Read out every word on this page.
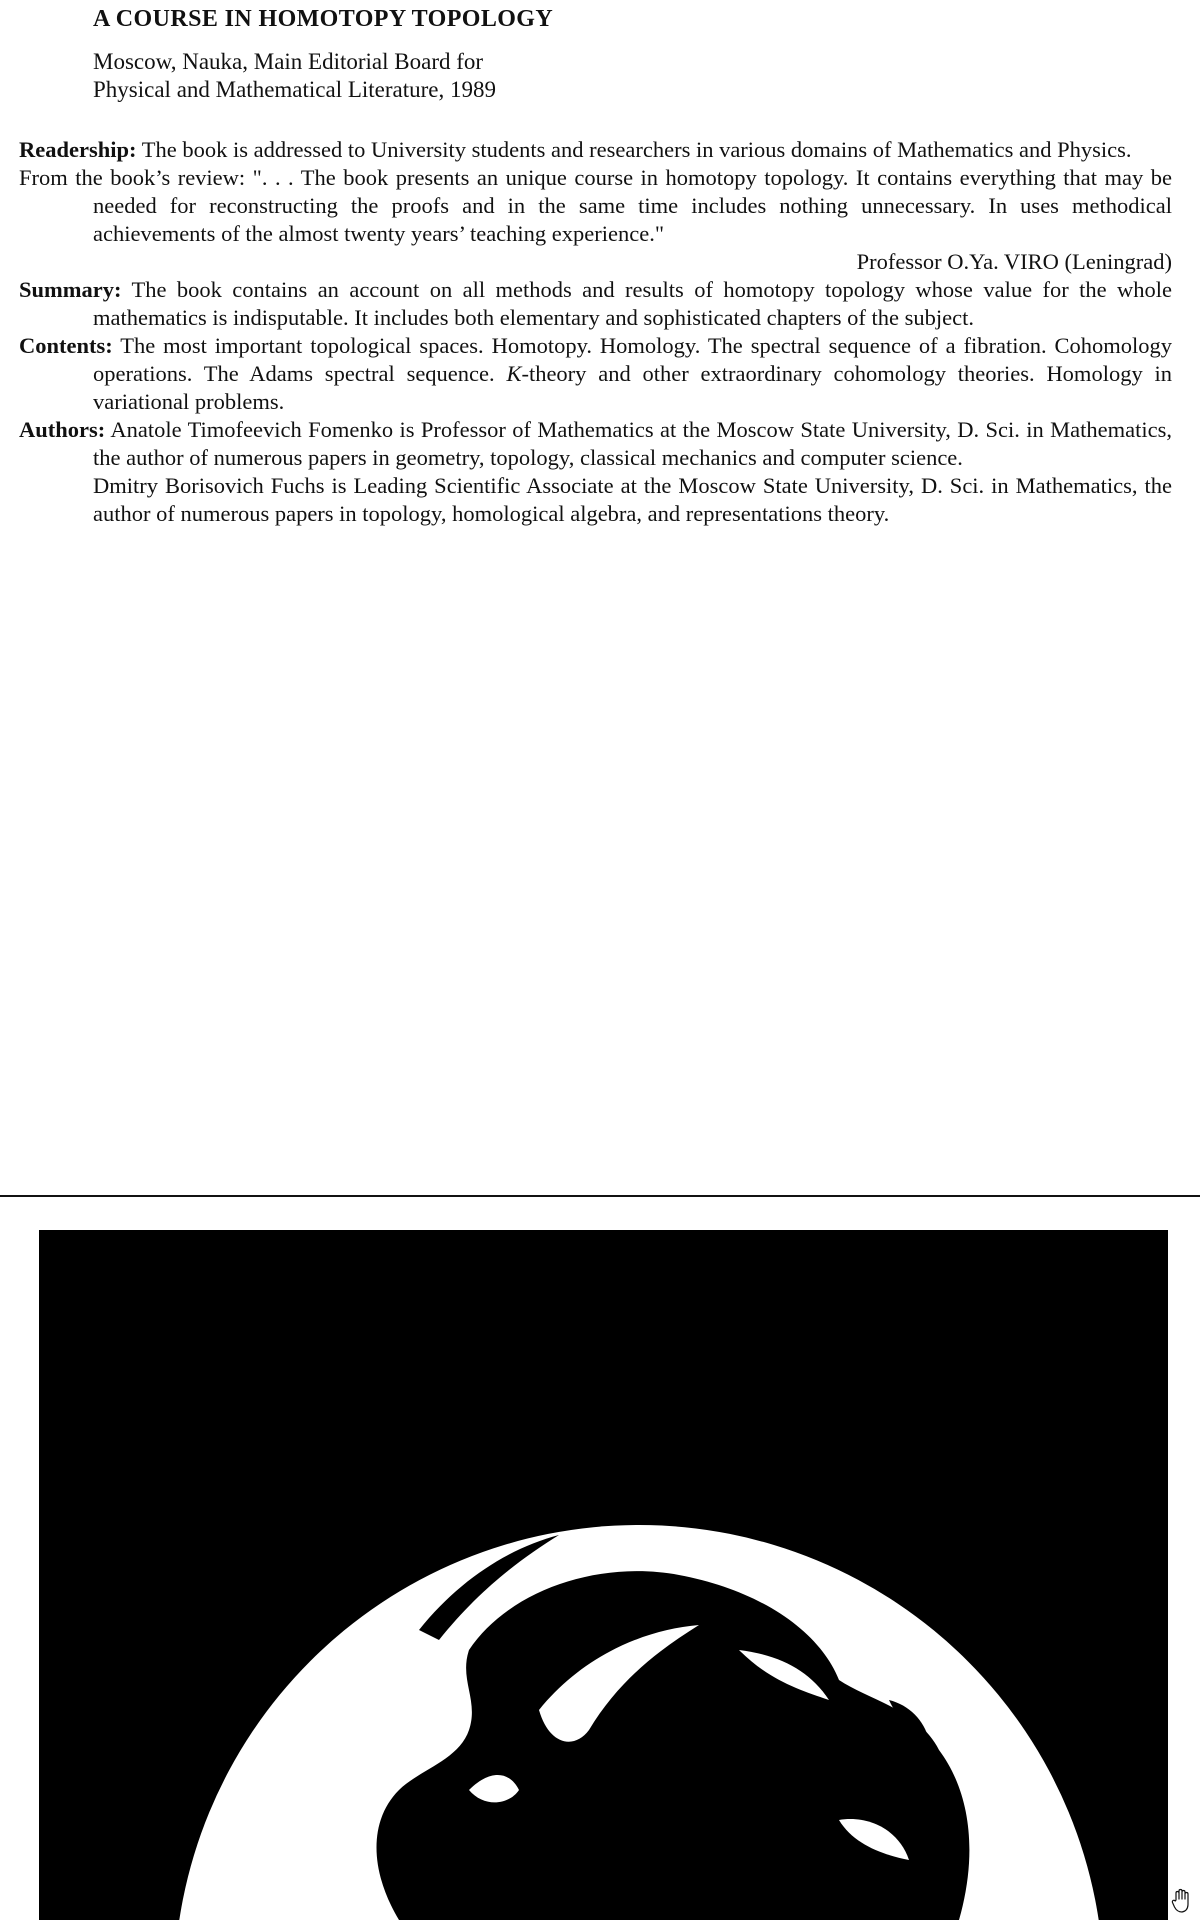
A COURSE IN HOMOTOPY TOPOLOGY
Moscow, Nauka, Main Editorial Board for
Physical and Mathematical Literature, 1989

Readership: The book is addressed to University students and researchers in various domains of Mathematics and Physics.

From the book’s review: ". . . The book presents an unique course in homotopy topology. It contains everything that may be needed for reconstructing the proofs and in the same time includes nothing unnecessary. In uses methodical achievements of the almost twenty years’ teaching experience."

Professor O.Ya. VIRO (Leningrad)

Summary: The book contains an account on all methods and results of homotopy topology whose value for the whole mathematics is indisputable. It includes both elementary and sophisticated chapters of the subject.

Contents: The most important topological spaces. Homotopy. Homology. The spectral sequence of a fibration. Cohomology operations. The Adams spectral sequence. K-theory and other extraordinary cohomology theories. Homology in variational problems.

Authors: Anatole Timofeevich Fomenko is Professor of Mathematics at the Moscow State University, D. Sci. in Mathematics, the author of numerous papers in geometry, topology, classical mechanics and computer science.

Dmitry Borisovich Fuchs is Leading Scientific Associate at the Moscow State University, D. Sci. in Mathematics, the author of numerous papers in topology, homological algebra, and representations theory.
